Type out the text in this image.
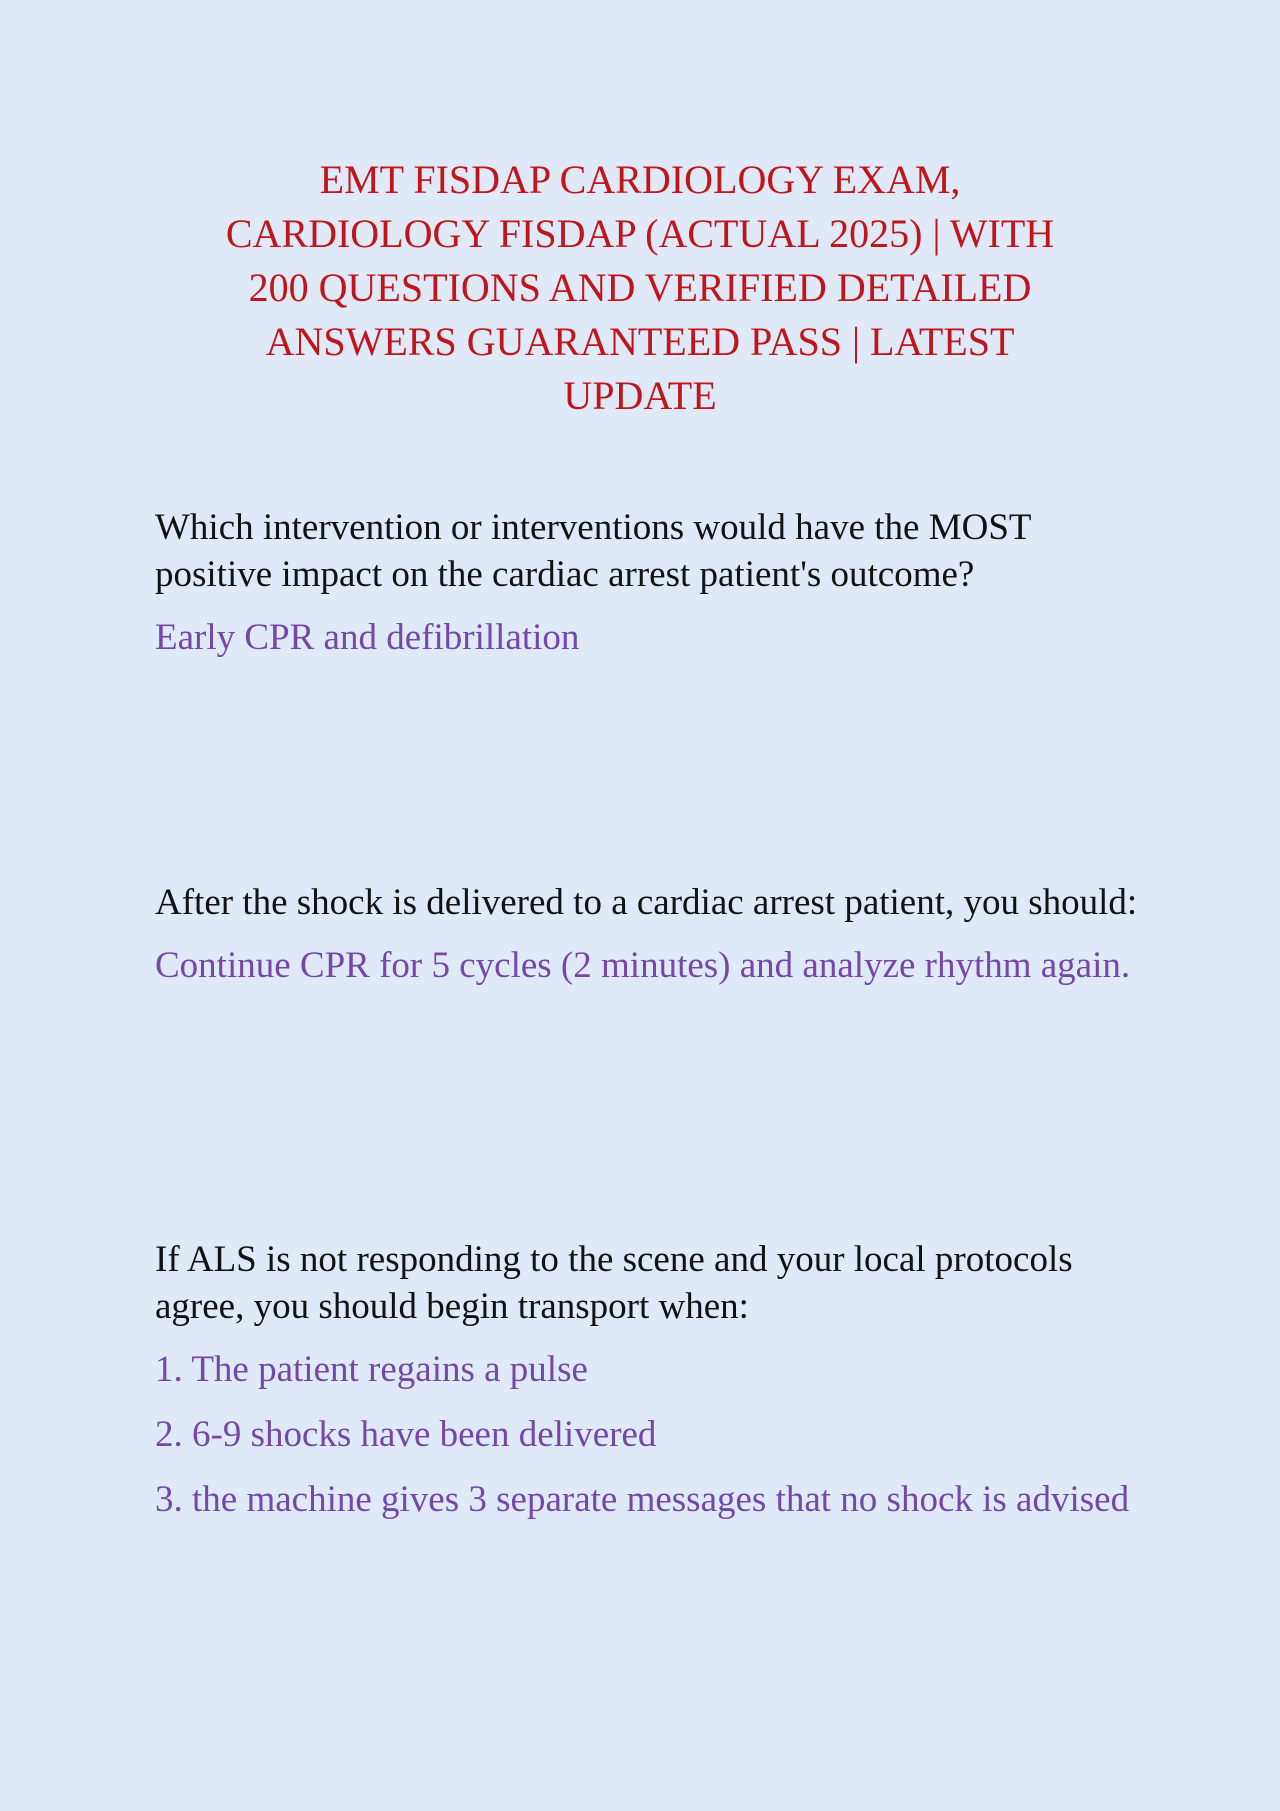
EMT FISDAP CARDIOLOGY EXAM,
CARDIOLOGY FISDAP (ACTUAL 2025) | WITH
200 QUESTIONS AND VERIFIED DETAILED
ANSWERS GUARANTEED PASS | LATEST
UPDATE

Which intervention or interventions would have the MOST positive impact on the cardiac arrest patient's outcome?

Early CPR and defibrillation

After the shock is delivered to a cardiac arrest patient, you should:

Continue CPR for 5 cycles (2 minutes) and analyze rhythm again.

If ALS is not responding to the scene and your local protocols agree, you should begin transport when:

1. The patient regains a pulse

2. 6-9 shocks have been delivered

3. the machine gives 3 separate messages that no shock is advised
